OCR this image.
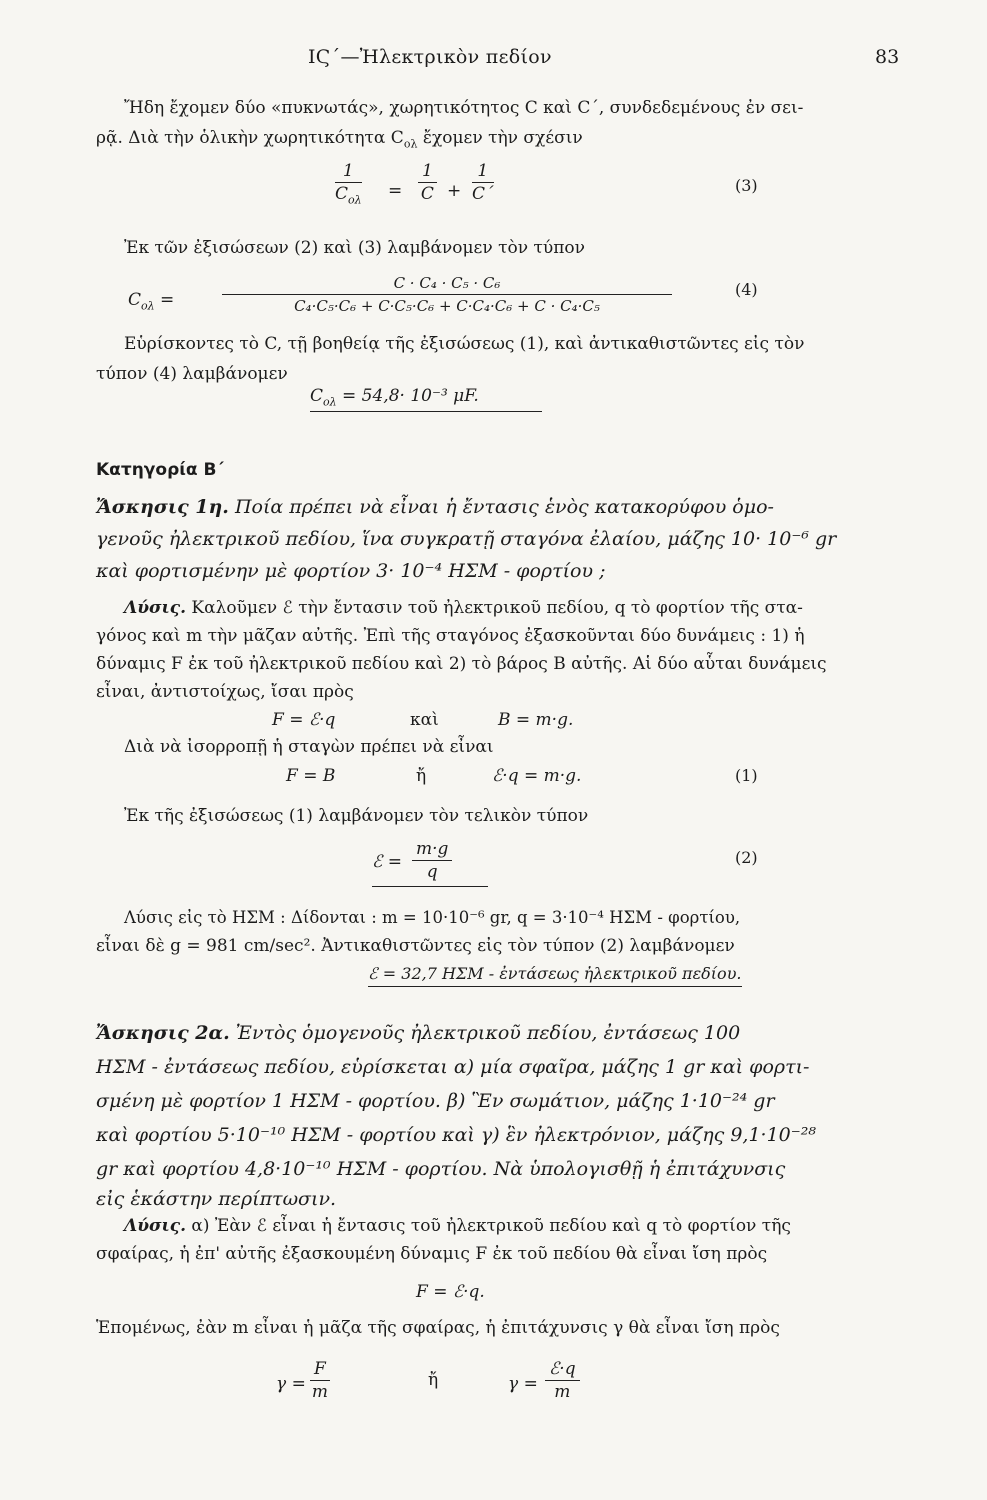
ΙϚ΄—Ἠλεκτρικὸν πεδίον	83
Ἤδη ἔχομεν δύο «πυκνωτάς», χωρητικότητος C καὶ C΄, συνδεδεμένους ἐν σει-
ρᾷ. Διὰ τὴν ὁλικὴν χωρητικότητα $C_{o\lambda}$ ἔχομεν τὴν σχέσιν
1
$C_{o\lambda} = \frac{1}{C} + \frac{1}{C΄}$	(3)
Ἐκ τῶν ἐξισώσεων (2) καὶ (3) λαμβάνομεν τὸν τύπον
$C_{o\lambda}$ =	$\frac{\text{C · C₄ · C₅ · C₆}}{\text{C₄·C₅·C₆ + C·C₅·C₆ + C·C₄·C₆ + C · C₄·C₅}}$	(4)
Εὑρίσκοντες τὸ C, τῇ βοηθείᾳ τῆς ἐξισώσεως (1), καὶ ἀντικαθιστῶντες εἰς τὸν
τύπον (4) λαμβάνομεν
$C_{o\lambda} = 54,8\cdot 10^{-3}$ μF.
Κατηγορία Β΄
Ἄσκησις 1η. Ποία πρέπει νὰ εἶναι ἡ ἔντασις ἑνὸς κατακορύφου ὁμο-
γενοῦς ἠλεκτρικοῦ πεδίου, ἵνα συγκρατῇ σταγόνα ἐλαίου, μάζης 10· 10⁻⁶ gr
καὶ φορτισμένην μὲ φορτίον 3· 10⁻⁴ ΗΣΜ - φορτίου ;
Λύσις. Καλοῦμεν ℰ τὴν ἔντασιν τοῦ ἠλεκτρικοῦ πεδίου, q τὸ φορτίον τῆς στα-
γόνος καὶ m τὴν μᾶζαν αὐτῆς. Ἐπὶ τῆς σταγόνος ἐξασκοῦνται δύο δυνάμεις : 1) ἡ
δύναμις F ἐκ τοῦ ἠλεκτρικοῦ πεδίου καὶ 2) τὸ βάρος B αὐτῆς. Αἱ δύο αὗται δυνάμεις
εἶναι, ἀντιστοίχως, ἴσαι πρὸς
F = ℰ·q	καὶ	B = m·g.
Διὰ νὰ ἰσορροπῇ ἡ σταγὼν πρέπει νὰ εἶναι
F = B	ἤ	ℰ·q = m·g.	(1)
Ἐκ τῆς ἐξισώσεως (1) λαμβάνομεν τὸν τελικὸν τύπον
ℰ = $\frac{m\cdot g}{q}$	(2)
Λύσις εἰς τὸ ΗΣΜ : Δίδονται : m = 10·10⁻⁶ gr, q = 3·10⁻⁴ ΗΣΜ - φορτίου,
εἶναι δὲ g = 981 cm/sec². Ἀντικαθιστῶντες εἰς τὸν τύπον (2) λαμβάνομεν
ℰ = 32,7 ΗΣΜ - ἐντάσεως ἠλεκτρικοῦ πεδίου.
Ἄσκησις 2α. Ἐντὸς ὁμογενοῦς ἠλεκτρικοῦ πεδίου, ἐντάσεως 100
ΗΣΜ - ἐντάσεως πεδίου, εὑρίσκεται α) μία σφαῖρα, μάζης 1 gr καὶ φορτι-
σμένη μὲ φορτίον 1 ΗΣΜ - φορτίου. β) Ἓν σωμάτιον, μάζης 1·10⁻²⁴ gr
καὶ φορτίου 5·10⁻¹⁰ ΗΣΜ - φορτίου καὶ γ) ἓν ἠλεκτρόνιον, μάζης 9,1·10⁻²⁸
gr καὶ φορτίου 4,8·10⁻¹⁰ ΗΣΜ - φορτίου. Νὰ ὑπολογισθῇ ἡ ἐπιτάχυνσις
εἰς ἑκάστην περίπτωσιν.
Λύσις. α) Ἐὰν ℰ εἶναι ἡ ἔντασις τοῦ ἠλεκτρικοῦ πεδίου καὶ q τὸ φορτίον τῆς
σφαίρας, ἡ ἐπ' αὐτῆς ἐξασκουμένη δύναμις F ἐκ τοῦ πεδίου θὰ εἶναι ἴση πρὸς
F = ℰ·q.
Ἑπομένως, ἐὰν m εἶναι ἡ μᾶζα τῆς σφαίρας, ἡ ἐπιτάχυνσις γ θὰ εἶναι ἴση πρὸς
$\gamma = \frac{F}{m}$	ἤ	γ =
ℰ·q
m
